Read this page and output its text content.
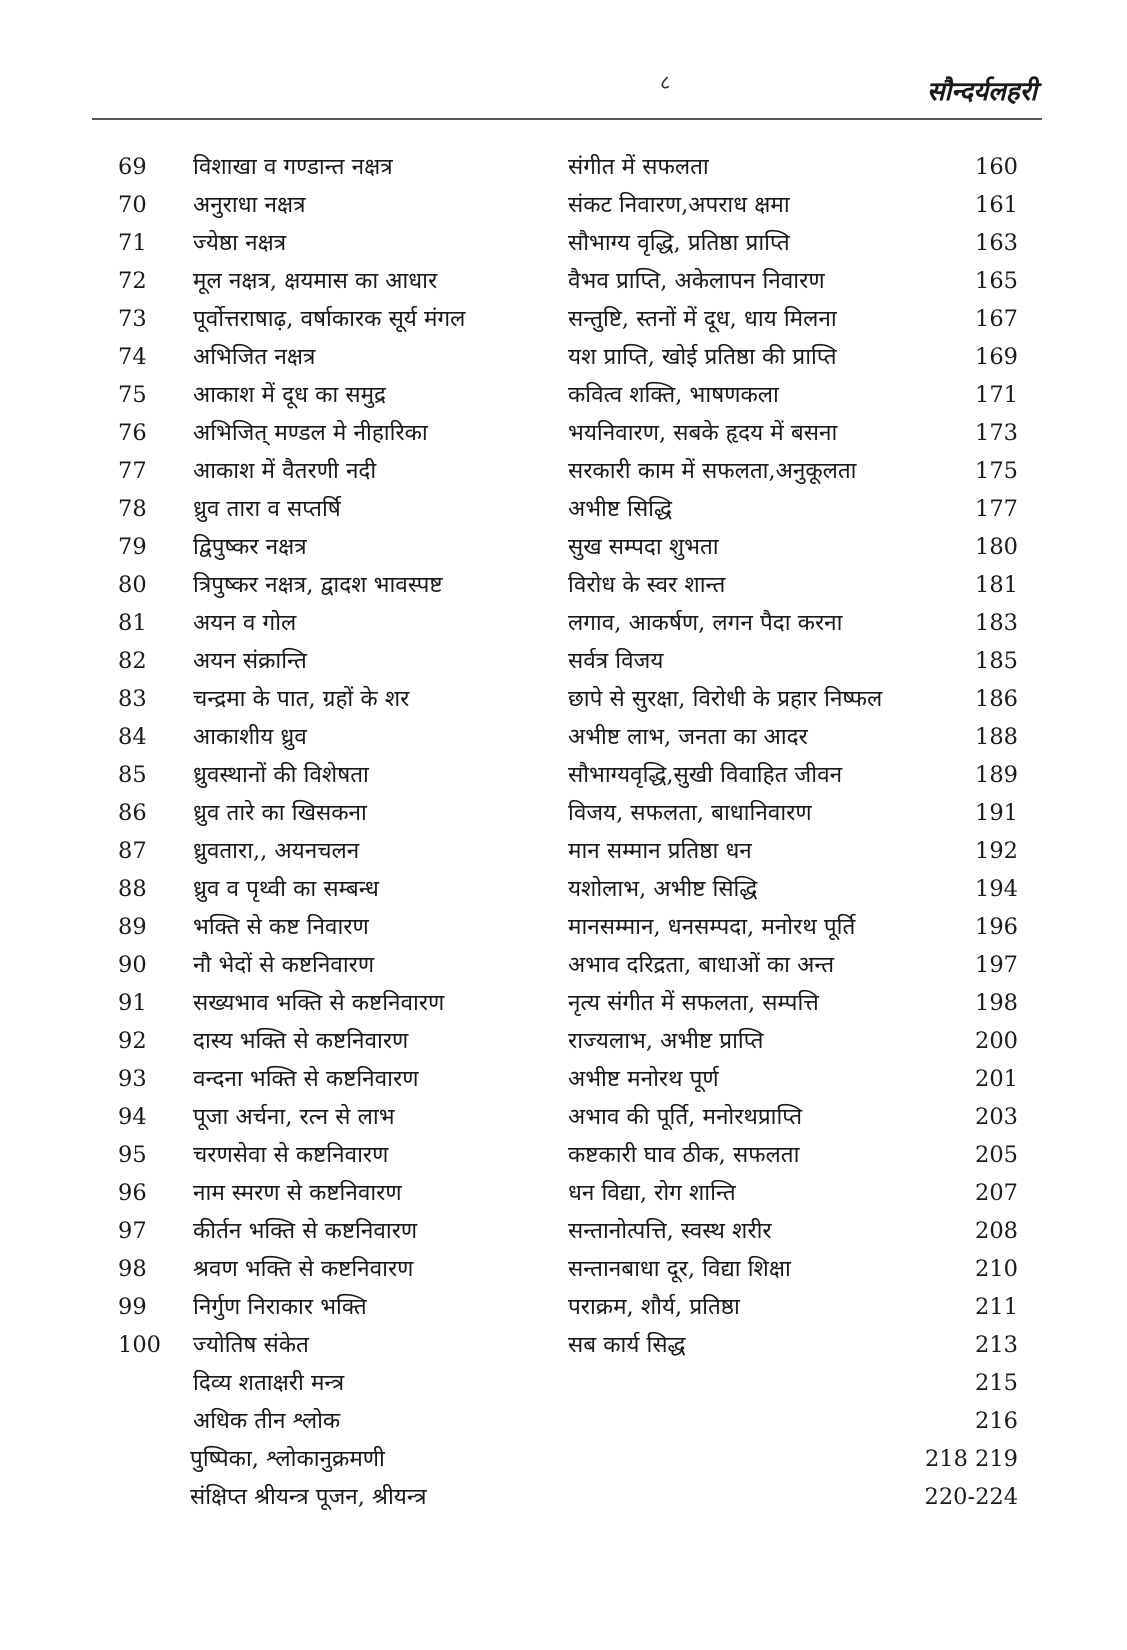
८	सौन्दर्यलहरी
69	विशाखा व गण्डान्त नक्षत्र	संगीत में सफलता	160
70	अनुराधा नक्षत्र	संकट निवारण,अपराध क्षमा	161
71	ज्येष्ठा नक्षत्र	सौभाग्य वृद्धि, प्रतिष्ठा प्राप्ति	163
72	मूल नक्षत्र, क्षयमास का आधार	वैभव प्राप्ति, अकेलापन निवारण	165
73	पूर्वोत्तराषाढ़, वर्षाकारक सूर्य मंगल	सन्तुष्टि, स्तनों में दूध, धाय मिलना	167
74	अभिजित नक्षत्र	यश प्राप्ति, खोई प्रतिष्ठा की प्राप्ति	169
75	आकाश में दूध का समुद्र	कवित्व शक्ति, भाषणकला	171
76	अभिजित् मण्डल मे नीहारिका	भयनिवारण, सबके हृदय में बसना	173
77	आकाश में वैतरणी नदी	सरकारी काम में सफलता,अनुकूलता	175
78	ध्रुव तारा व सप्तर्षि	अभीष्ट सिद्धि	177
79	द्विपुष्कर नक्षत्र	सुख सम्पदा शुभता	180
80	त्रिपुष्कर नक्षत्र, द्वादश भावस्पष्ट	विरोध के स्वर शान्त	181
81	अयन व गोल	लगाव, आकर्षण, लगन पैदा करना	183
82	अयन संक्रान्ति	सर्वत्र विजय	185
83	चन्द्रमा के पात, ग्रहों के शर	छापे से सुरक्षा, विरोधी के प्रहार निष्फल	186
84	आकाशीय ध्रुव	अभीष्ट लाभ, जनता का आदर	188
85	ध्रुवस्थानों की विशेषता	सौभाग्यवृद्धि,सुखी विवाहित जीवन	189
86	ध्रुव तारे का खिसकना	विजय, सफलता, बाधानिवारण	191
87	ध्रुवतारा,, अयनचलन	मान सम्मान प्रतिष्ठा धन	192
88	ध्रुव व पृथ्वी का सम्बन्ध	यशोलाभ, अभीष्ट सिद्धि	194
89	भक्ति से कष्ट निवारण	मानसम्मान, धनसम्पदा, मनोरथ पूर्ति	196
90	नौ भेदों से कष्टनिवारण	अभाव दरिद्रता, बाधाओं का अन्त	197
91	सख्यभाव भक्ति से कष्टनिवारण	नृत्य संगीत में सफलता, सम्पत्ति	198
92	दास्य भक्ति से कष्टनिवारण	राज्यलाभ, अभीष्ट प्राप्ति	200
93	वन्दना भक्ति से कष्टनिवारण	अभीष्ट मनोरथ पूर्ण	201
94	पूजा अर्चना, रत्न से लाभ	अभाव की पूर्ति, मनोरथप्राप्ति	203
95	चरणसेवा से कष्टनिवारण	कष्टकारी घाव ठीक, सफलता	205
96	नाम स्मरण से कष्टनिवारण	धन विद्या, रोग शान्ति	207
97	कीर्तन भक्ति से कष्टनिवारण	सन्तानोत्पत्ति, स्वस्थ शरीर	208
98	श्रवण भक्ति से कष्टनिवारण	सन्तानबाधा दूर, विद्या शिक्षा	210
99	निर्गुण निराकार भक्ति	पराक्रम, शौर्य, प्रतिष्ठा	211
100	ज्योतिष संकेत	सब कार्य सिद्ध	213
दिव्य शताक्षरी मन्त्र	215
अधिक तीन श्लोक	216
पुष्पिका, श्लोकानुक्रमणी	218 219
संक्षिप्त श्रीयन्त्र पूजन, श्रीयन्त्र	220-224
